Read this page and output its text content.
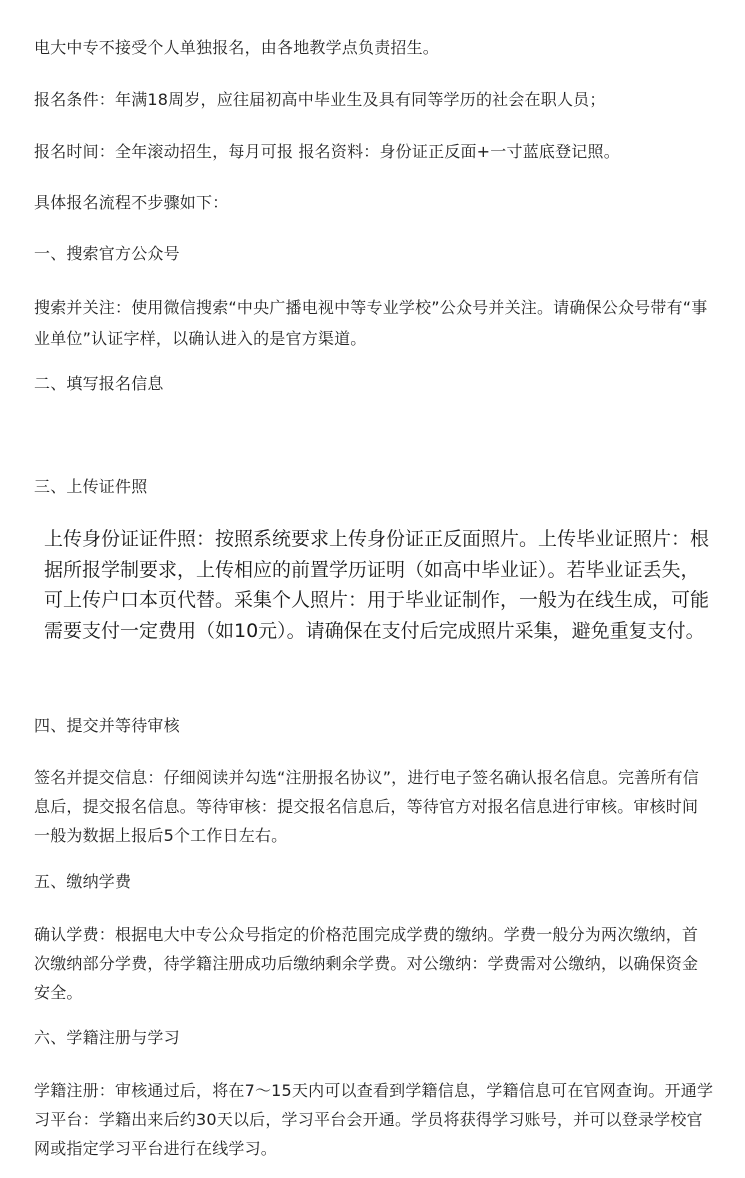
电大中专不接受个人单独报名，由各地教学点负责招生。

报名条件：年满18周岁，应往届初高中毕业生及具有同等学历的社会在职人员；

报名时间：全年滚动招生，每月可报 报名资料：身份证正反面+一寸蓝底登记照。

具体报名流程不步骤如下：

一、搜索官方公众号

搜索并关注：使用微信搜索“中央广播电视中等专业学校”公众号并关注。请确保公众号带有“事业单位”认证字样，以确认进入的是官方渠道。

二、填写报名信息

三、上传证件照

上传身份证证件照：按照系统要求上传身份证正反面照片。上传毕业证照片：根据所报学制要求，上传相应的前置学历证明（如高中毕业证）。若毕业证丢失，可上传户口本页代替。采集个人照片：用于毕业证制作，一般为在线生成，可能需要支付一定费用（如10元）。请确保在支付后完成照片采集，避免重复支付。

四、提交并等待审核

签名并提交信息：仔细阅读并勾选“注册报名协议”，进行电子签名确认报名信息。完善所有信息后，提交报名信息。等待审核：提交报名信息后，等待官方对报名信息进行审核。审核时间一般为数据上报后5个工作日左右。

五、缴纳学费

确认学费：根据电大中专公众号指定的价格范围完成学费的缴纳。学费一般分为两次缴纳，首次缴纳部分学费，待学籍注册成功后缴纳剩余学费。对公缴纳：学费需对公缴纳，以确保资金安全。

六、学籍注册与学习

学籍注册：审核通过后，将在7～15天内可以查看到学籍信息，学籍信息可在官网查询。开通学习平台：学籍出来后约30天以后，学习平台会开通。学员将获得学习账号，并可以登录学校官网或指定学习平台进行在线学习。
